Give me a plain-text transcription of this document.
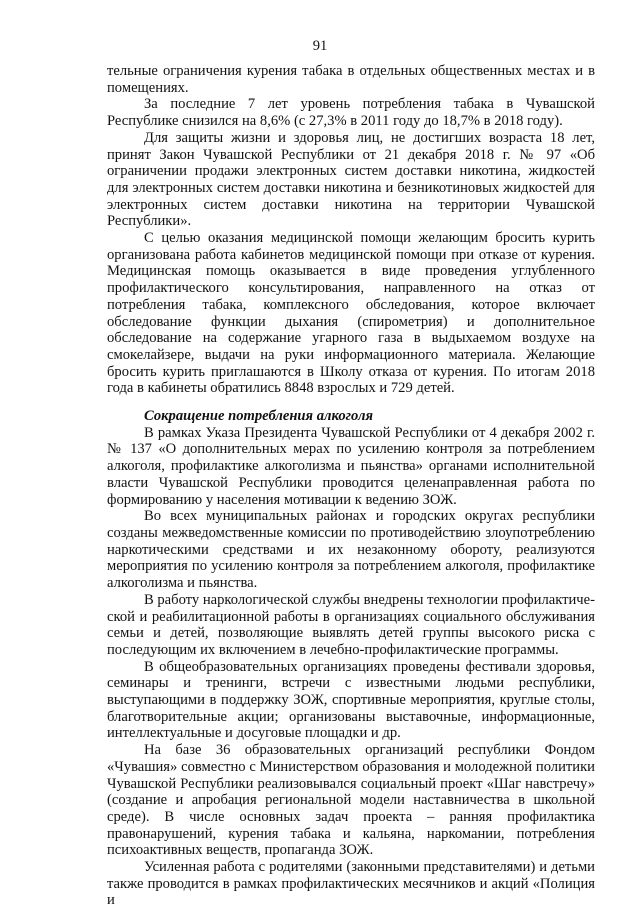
91

тельные ограничения курения табака в отдельных общественных местах и в помещениях.

За последние 7 лет уровень потребления табака в Чувашской Республике снизился на 8,6% (с 27,3% в 2011 году до 18,7% в 2018 году).

Для защиты жизни и здоровья лиц, не достигших возраста 18 лет, принят Закон Чувашской Республики от 21 декабря 2018 г. № 97 «Об ограничении продажи электронных систем доставки никотина, жидкостей для электронных систем доставки никотина и безникотиновых жидкостей для электронных систем доставки никотина на территории Чувашской Республики».

С целью оказания медицинской помощи желающим бросить курить организована работа кабинетов медицинской помощи при отказе от курения. Медицинская помощь оказывается в виде проведения углубленного профилактического консультирования, направленного на отказ от потребления табака, комплексного обследования, которое включает обследование функции дыхания (спирометрия) и дополнительное обследование на содержание угарного газа в выдыхаемом воздухе на смокелайзере, выдачи на руки информационного материала. Желающие бросить курить приглашаются в Школу отказа от курения. По итогам 2018 года в кабинеты обратились 8848 взрослых и 729 детей.

Сокращение потребления алкоголя

В рамках Указа Президента Чувашской Республики от 4 декабря 2002 г. № 137 «О дополнительных мерах по усилению контроля за потреблением алкоголя, профилактике алкоголизма и пьянства» органами исполнительной власти Чувашской Республики проводится целенаправленная работа по формированию у населения мотивации к ведению ЗОЖ.

Во всех муниципальных районах и городских округах республики созданы межведомственные комиссии по противодействию злоупотреблению наркотическими средствами и их незаконному обороту, реализуются мероприятия по усилению контроля за потреблением алкоголя, профилактике алкоголизма и пьянства.

В работу наркологической службы внедрены технологии профилактической и реабилитационной работы в организациях социального обслуживания семьи и детей, позволяющие выявлять детей группы высокого риска с последующим их включением в лечебно-профилактические программы.

В общеобразовательных организациях проведены фестивали здоровья, семинары и тренинги, встречи с известными людьми республики, выступающими в поддержку ЗОЖ, спортивные мероприятия, круглые столы, благотворительные акции; организованы выставочные, информационные, интеллектуальные и досуговые площадки и др.

На базе 36 образовательных организаций республики Фондом «Чувашия» совместно с Министерством образования и молодежной политики Чувашской Республики реализовывался социальный проект «Шаг навстречу» (создание и апробация региональной модели наставничества в школьной среде). В числе основных задач проекта – ранняя профилактика правонарушений, курения табака и кальяна, наркомании, потребления психоактивных веществ, пропаганда ЗОЖ.

Усиленная работа с родителями (законными представителями) и детьми также проводится в рамках профилактических месячников и акций «Полиция и
